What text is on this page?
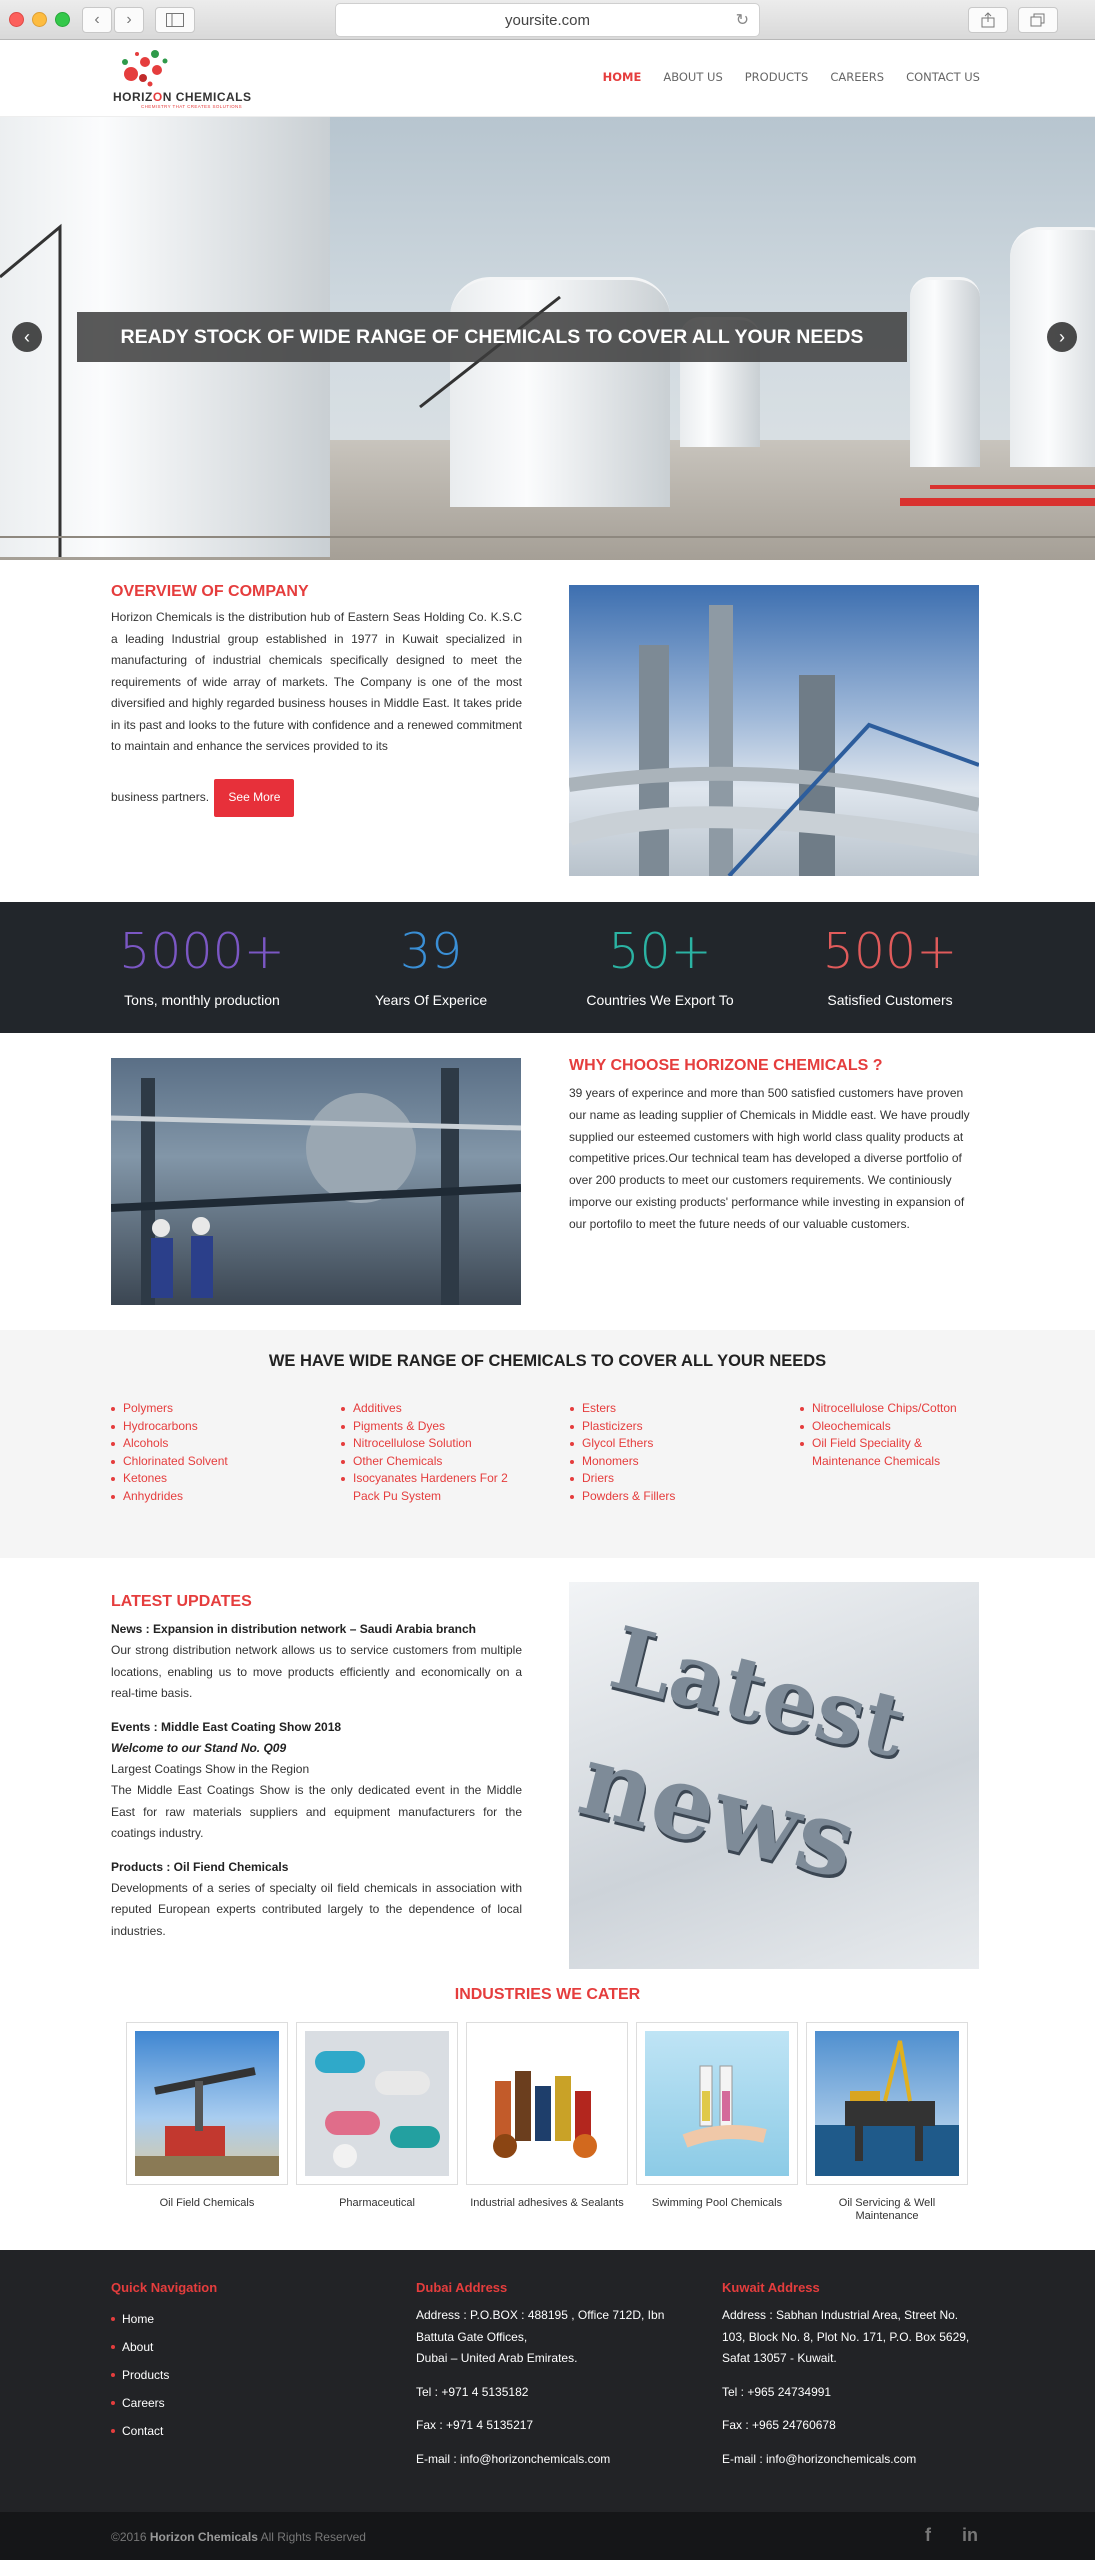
‹	›	yoursite.com	↻
HORIZON CHEMICALS
CHEMISTRY THAT CREATES SOLUTIONS
HOME ABOUT US PRODUCTS CAREERS CONTACT US
READY STOCK OF WIDE RANGE OF CHEMICALS TO COVER ALL YOUR NEEDS
‹	›
OVERVIEW OF COMPANY

Horizon Chemicals is the distribution hub of Eastern Seas Holding Co. K.S.C a leading Industrial group established in 1977 in Kuwait specialized in manufacturing of industrial chemicals specifically designed to meet the requirements of wide array of markets. The Company is one of the most diversified and highly regarded business houses in Middle East. It takes pride in its past and looks to the future with confidence and a renewed commitment to maintain and enhance the services provided to its

business partners. See More

5000+
Tons, monthly production
39
Years Of Experice
50+
Countries We Export To
500+
Satisfied Customers
WHY CHOOSE HORIZONE CHEMICALS ?

39 years of experince and more than 500 satisfied customers have proven our name as leading supplier of Chemicals in Middle east. We have proudly supplied our esteemed customers with high world class quality products at competitive prices.Our technical team has developed a diverse portfolio of over 200 products to meet our customers requirements. We continiously imporve our existing products' performance while investing in expansion of our portofilo to meet the future needs of our valuable customers.

WE HAVE WIDE RANGE OF CHEMICALS TO COVER ALL YOUR NEEDS
Polymers
Hydrocarbons
Alcohols
Chlorinated Solvent
Ketones
Anhydrides
Additives
Pigments & Dyes
Nitrocellulose Solution
Other Chemicals
Isocyanates Hardeners For 2 Pack Pu System
Esters
Plasticizers
Glycol Ethers
Monomers
Driers
Powders & Fillers
Nitrocellulose Chips/Cotton
Oleochemicals
Oil Field Speciality & Maintenance Chemicals
LATEST UPDATES
News : Expansion in distribution network – Saudi Arabia branch

Our strong distribution network allows us to service customers from multiple locations, enabling us to move products efficiently and economically on a real-time basis.

Events : Middle East Coating Show 2018
Welcome to our Stand No. Q09

Largest Coatings Show in the Region

The Middle East Coatings Show is the only dedicated event in the Middle East for raw materials suppliers and equipment manufacturers for the coatings industry.

Products : Oil Fiend Chemicals

Developments of a series of specialty oil field chemicals in association with reputed European experts contributed largely to the dependence of local industries.

Latest
news
INDUSTRIES WE CATER
Oil Field Chemicals	Pharmaceutical	Industrial adhesives & Sealants	Swimming Pool Chemicals	Oil Servicing & Well Maintenance
Quick Navigation
Home
About
Products
Careers
Contact
Dubai Address

Address : P.O.BOX : 488195 , Office 712D, Ibn Battuta Gate Offices,

Dubai – United Arab Emirates.

Tel : +971 4 5135182

Fax : +971 4 5135217

E-mail : info@horizonchemicals.com

Kuwait Address

Address : Sabhan Industrial Area, Street No. 103, Block No. 8, Plot No. 171, P.O. Box 5629, Safat 13057 - Kuwait.

Tel : +965 24734991

Fax : +965 24760678

E-mail : info@horizonchemicals.com

©2016 Horizon Chemicals All Rights Reserved	f in
